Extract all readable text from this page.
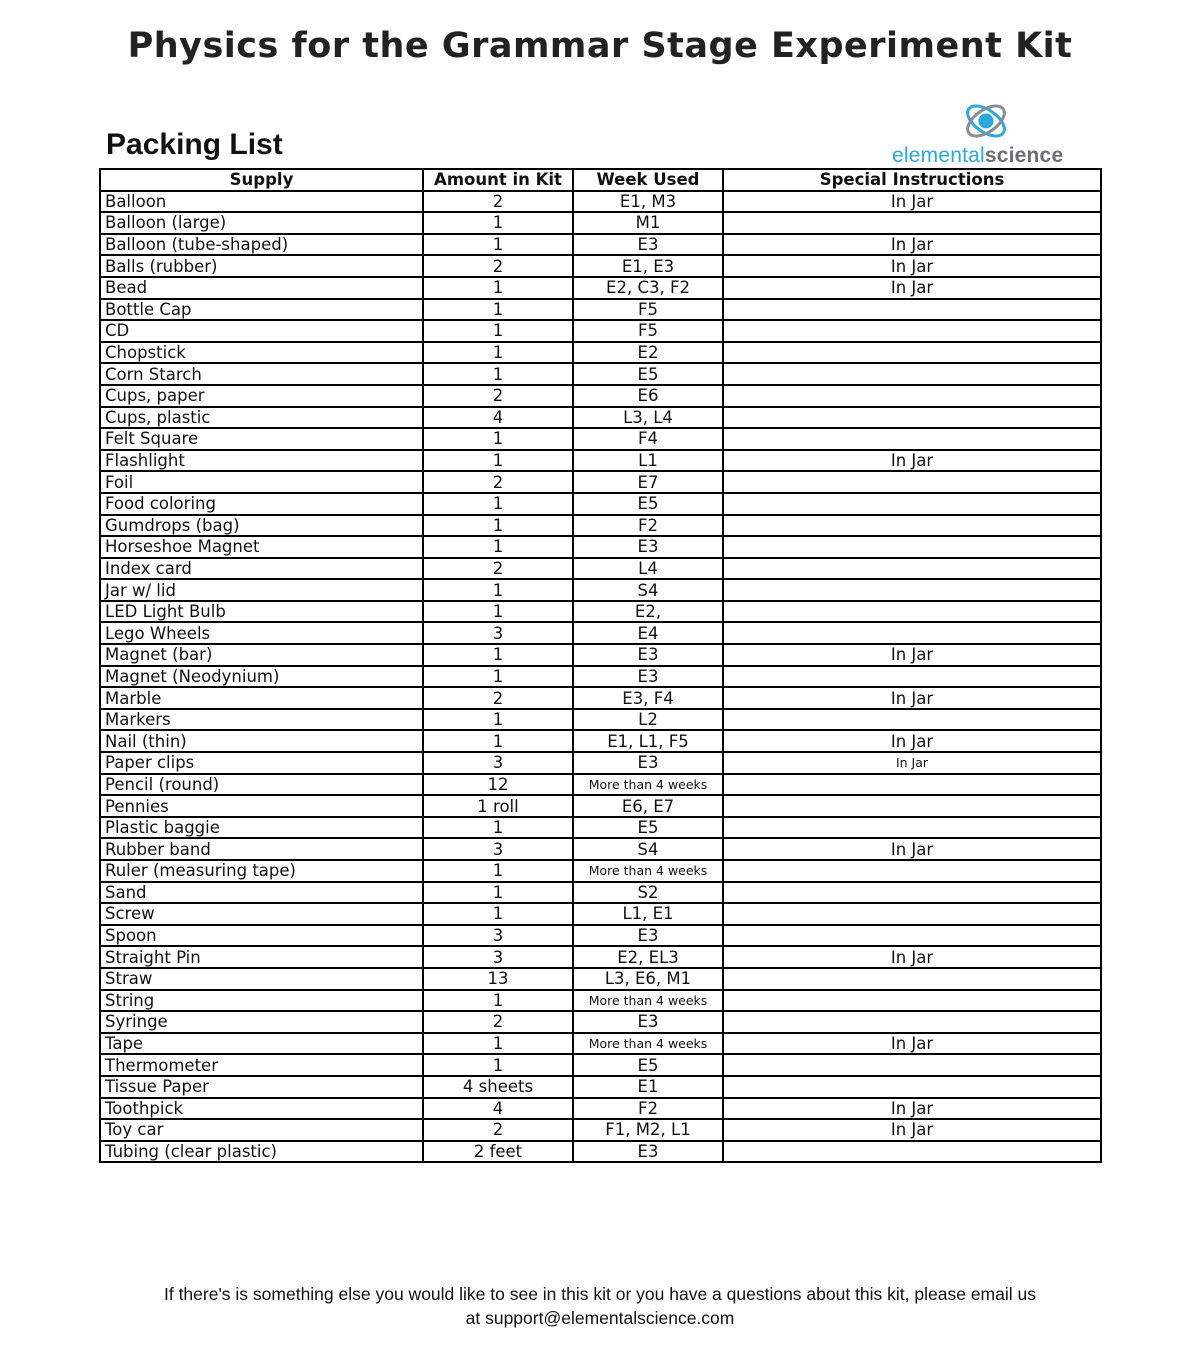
Physics for the Grammar Stage Experiment Kit
Packing List	elementalscience
Supply	Amount in Kit	Week Used	Special Instructions
Balloon	2	E1, M3	In Jar
Balloon (large)	1	M1	
Balloon (tube-shaped)	1	E3	In Jar
Balls (rubber)	2	E1, E3	In Jar
Bead	1	E2, C3, F2	In Jar
Bottle Cap	1	F5	
CD	1	F5	
Chopstick	1	E2	
Corn Starch	1	E5	
Cups, paper	2	E6	
Cups, plastic	4	L3, L4	
Felt Square	1	F4	
Flashlight	1	L1	In Jar
Foil	2	E7	
Food coloring	1	E5	
Gumdrops (bag)	1	F2	
Horseshoe Magnet	1	E3	
Index card	2	L4	
Jar w/ lid	1	S4	
LED Light Bulb	1	E2,	
Lego Wheels	3	E4	
Magnet (bar)	1	E3	In Jar
Magnet (Neodynium)	1	E3	
Marble	2	E3, F4	In Jar
Markers	1	L2	
Nail (thin)	1	E1, L1, F5	In Jar
Paper clips	3	E3	In Jar
Pencil (round)	12	More than 4 weeks	
Pennies	1 roll	E6, E7	
Plastic baggie	1	E5	
Rubber band	3	S4	In Jar
Ruler (measuring tape)	1	More than 4 weeks	
Sand	1	S2	
Screw	1	L1, E1	
Spoon	3	E3	
Straight Pin	3	E2, EL3	In Jar
Straw	13	L3, E6, M1	
String	1	More than 4 weeks	
Syringe	2	E3	
Tape	1	More than 4 weeks	In Jar
Thermometer	1	E5	
Tissue Paper	4 sheets	E1	
Toothpick	4	F2	In Jar
Toy car	2	F1, M2, L1	In Jar
Tubing (clear plastic)	2 feet	E3	
If there's is something else you would like to see in this kit or you have a questions about this kit, please email us
at support@elementalscience.com
